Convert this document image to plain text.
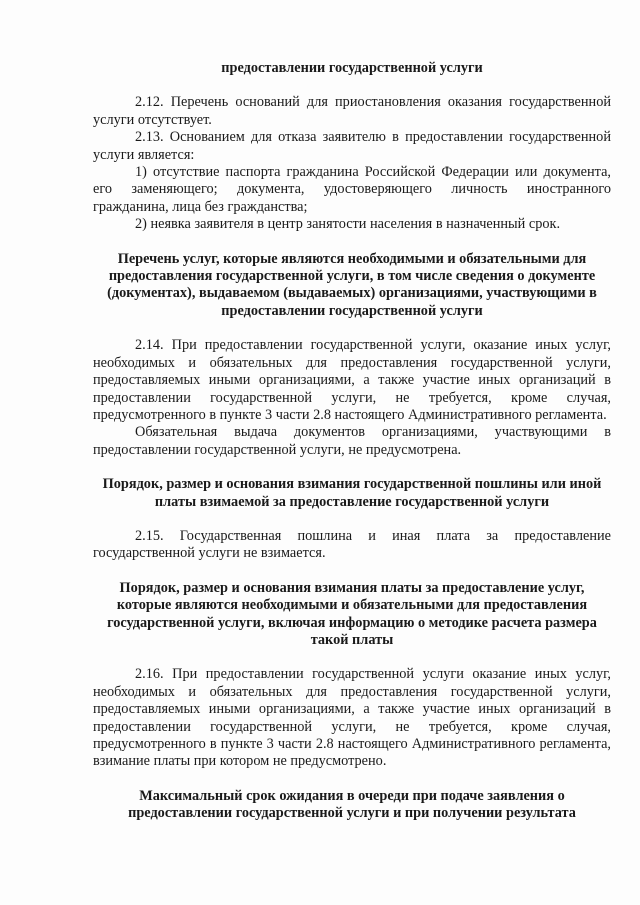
предоставлении государственной услуги

2.12. Перечень оснований для приостановления оказания государственной услуги отсутствует.

2.13. Основанием для отказа заявителю в предоставлении государственной услуги является:

1) отсутствие паспорта гражданина Российской Федерации или документа, его заменяющего; документа, удостоверяющего личность иностранного гражданина, лица без гражданства;

2) неявка заявителя в центр занятости населения в назначенный срок.

Перечень услуг, которые являются необходимыми и обязательными для предоставления государственной услуги, в том числе сведения о документе (документах), выдаваемом (выдаваемых) организациями, участвующими в предоставлении государственной услуги

2.14. При предоставлении государственной услуги, оказание иных услуг, необходимых и обязательных для предоставления государственной услуги, предоставляемых иными организациями, а также участие иных организаций в предоставлении государственной услуги, не требуется, кроме случая, предусмотренного в пункте 3 части 2.8 настоящего Административного регламента.

Обязательная выдача документов организациями, участвующими в предоставлении государственной услуги, не предусмотрена.

Порядок, размер и основания взимания государственной пошлины или иной платы взимаемой за предоставление государственной услуги

2.15. Государственная пошлина и иная плата за предоставление государственной услуги не взимается.

Порядок, размер и основания взимания платы за предоставление услуг, которые являются необходимыми и обязательными для предоставления государственной услуги, включая информацию о методике расчета размера такой платы

2.16. При предоставлении государственной услуги оказание иных услуг, необходимых и обязательных для предоставления государственной услуги, предоставляемых иными организациями, а также участие иных организаций в предоставлении государственной услуги, не требуется, кроме случая, предусмотренного в пункте 3 части 2.8 настоящего Административного регламента, взимание платы при котором не предусмотрено.

Максимальный срок ожидания в очереди при подаче заявления о предоставлении государственной услуги и при получении результата
